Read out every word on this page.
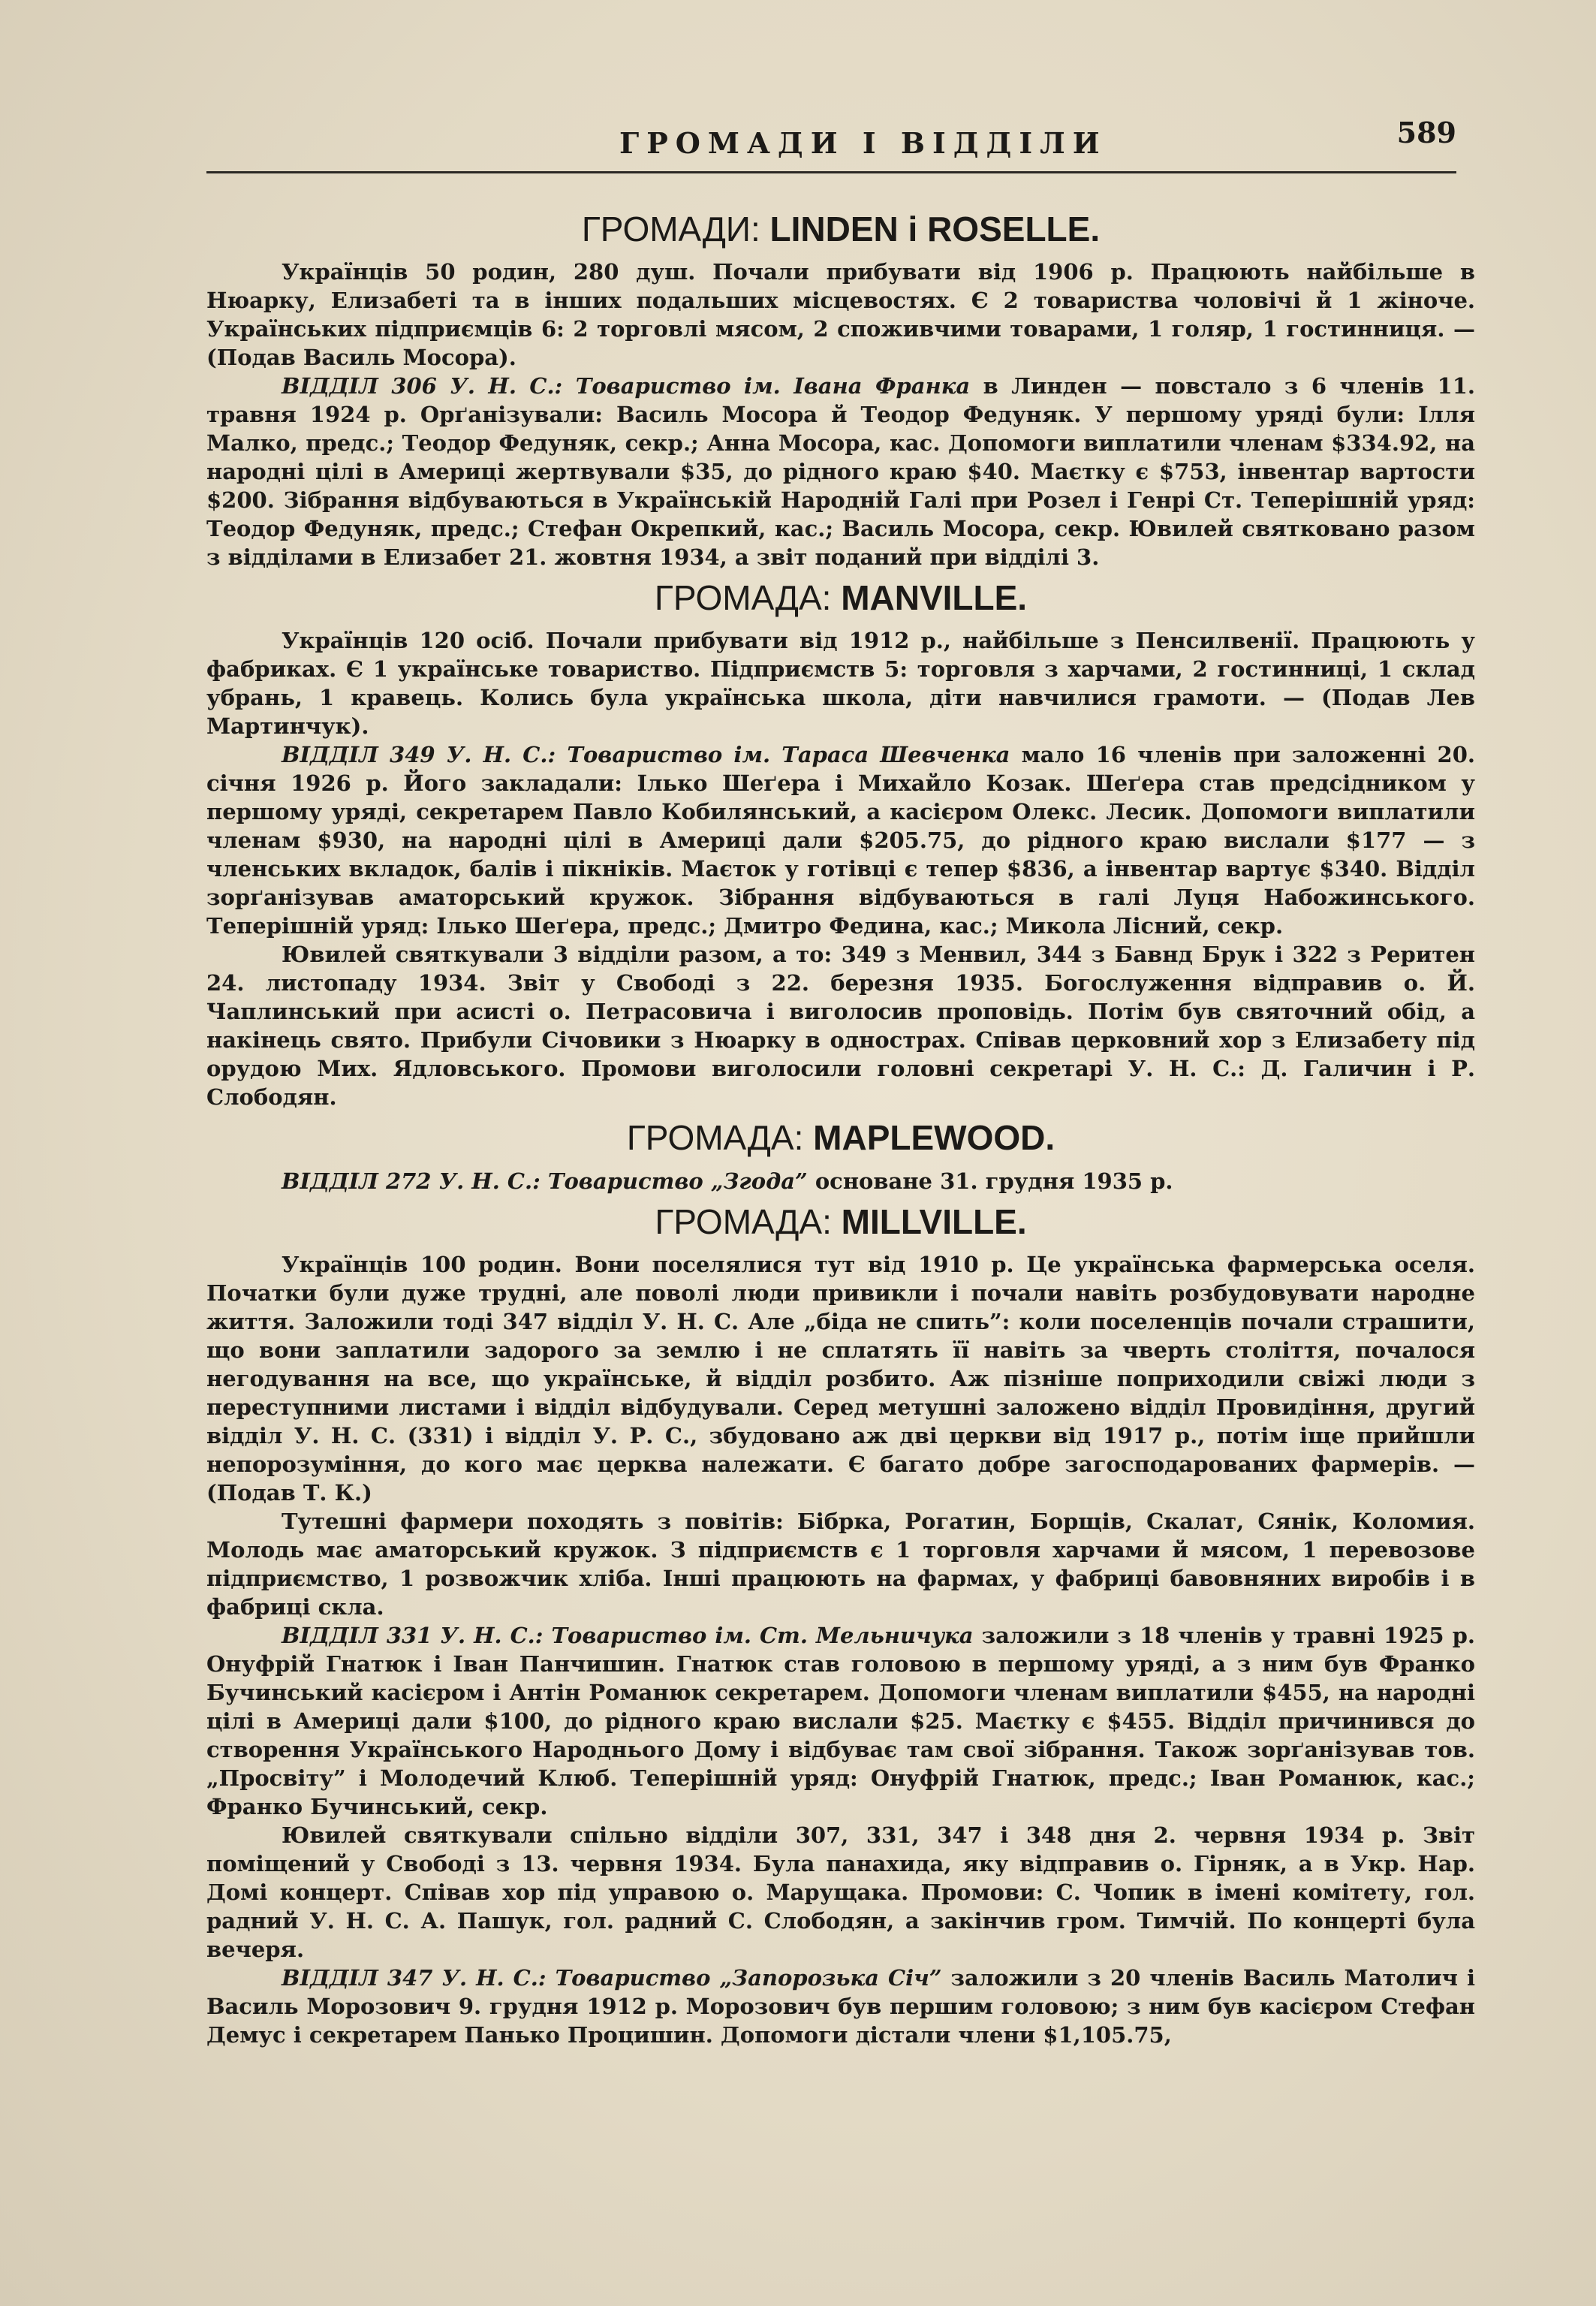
ГРОМАДИ І ВІДДІЛИ	589
ГРОМАДИ: LINDEN і ROSELLE.

Українців 50 родин, 280 душ. Почали прибувати від 1906 р. Працюють найбільше в Нюарку, Елизабеті та в інших подальших місцевостях. Є 2 товариства чоловічі й 1 жіноче. Українських підприємців 6: 2 торговлі мясом, 2 споживчими товарами, 1 голяр, 1 гостинниця. — (Подав Василь Мосора).

ВІДДІЛ 306 У. Н. С.: Товариство ім. Івана Франка в Линден — повстало з 6 членів 11. травня 1924 р. Орґанізували: Василь Мосора й Теодор Федуняк. У першому уряді були: Ілля Малко, предс.; Теодор Федуняк, секр.; Анна Мосора, кас. Допомоги виплатили членам $334.92, на народні цілі в Америці жертвували $35, до рідного краю $40. Маєтку є $753, інвентар вартости $200. Зібрання відбуваються в Українській Народній Галі при Розел і Генрі Ст. Теперішній уряд: Теодор Федуняк, предс.; Стефан Окрепкий, кас.; Василь Мосора, секр. Ювилей святковано разом з відділами в Елизабет 21. жовтня 1934, а звіт поданий при відділі 3.

ГРОМАДА: MANVILLE.

Українців 120 осіб. Почали прибувати від 1912 р., найбільше з Пенсилвенії. Працюють у фабриках. Є 1 українське товариство. Підприємств 5: торговля з харчами, 2 гостинниці, 1 склад убрань, 1 кравець. Колись була українська школа, діти навчилися грамоти. — (Подав Лев Мартинчук).

ВІДДІЛ 349 У. Н. С.: Товариство ім. Тараса Шевченка мало 16 членів при заложенні 20. січня 1926 р. Його закладали: Ілько Шеґера і Михайло Козак. Шеґера став предсідником у першому уряді, секретарем Павло Кобилянський, а касієром Олекс. Лесик. Допомоги виплатили членам $930, на народні цілі в Америці дали $205.75, до рідного краю вислали $177 — з членських вкладок, балів і пікніків. Маєток у готівці є тепер $836, а інвентар вартує $340. Відділ зорґанізував аматорський кружок. Зібрання відбуваються в галі Луця Набожинського. Теперішній уряд: Ілько Шеґера, предс.; Дмитро Федина, кас.; Микола Лісний, секр.

Ювилей святкували 3 відділи разом, а то: 349 з Менвил, 344 з Бавнд Брук і 322 з Реритен 24. листопаду 1934. Звіт у Свободі з 22. березня 1935. Богослуження відправив о. Й. Чаплинський при асисті о. Петрасовича і виголосив проповідь. Потім був святочний обід, а накінець свято. Прибули Січовики з Нюарку в однострах. Співав церковний хор з Елизабету під орудою Мих. Ядловського. Промови виголосили головні секретарі У. Н. С.: Д. Галичин і Р. Слободян.

ГРОМАДА: MAPLEWOOD.

ВІДДІЛ 272 У. Н. С.: Товариство „Згода” основане 31. грудня 1935 р.

ГРОМАДА: MILLVILLE.

Українців 100 родин. Вони поселялися тут від 1910 р. Це українська фармерська оселя. Початки були дуже трудні, але поволі люди привикли і почали навіть розбудовувати народне життя. Заложили тоді 347 відділ У. Н. С. Але „біда не спить”: коли поселенців почали страшити, що вони заплатили задорого за землю і не сплатять її навіть за чверть століття, почалося негодування на все, що українське, й відділ розбито. Аж пізніше поприходили свіжі люди з переступними листами і відділ відбудували. Серед метушні заложено відділ Провидіння, другий відділ У. Н. С. (331) і відділ У. Р. С., збудовано аж дві церкви від 1917 р., потім іще прийшли непорозуміння, до кого має церква належати. Є багато добре загосподарованих фармерів. — (Подав Т. К.)

Тутешні фармери походять з повітів: Бібрка, Рогатин, Борщів, Скалат, Сянік, Коломия. Молодь має аматорський кружок. З підприємств є 1 торговля харчами й мясом, 1 перевозове підприємство, 1 розвожчик хліба. Інші працюють на фармах, у фабриці бавовняних виробів і в фабриці скла.

ВІДДІЛ 331 У. Н. С.: Товариство ім. Ст. Мельничука заложили з 18 членів у травні 1925 р. Онуфрій Гнатюк і Іван Панчишин. Гнатюк став головою в першому уряді, а з ним був Франко Бучинський касієром і Антін Романюк секретарем. Допомоги членам виплатили $455, на народні цілі в Америці дали $100, до рідного краю вислали $25. Маєтку є $455. Відділ причинився до створення Українського Народнього Дому і відбуває там свої зібрання. Також зорґанізував тов. „Просвіту” і Молодечий Клюб. Теперішній уряд: Онуфрій Гнатюк, предс.; Іван Романюк, кас.; Франко Бучинський, секр.

Ювилей святкували спільно відділи 307, 331, 347 і 348 дня 2. червня 1934 р. Звіт поміщений у Свободі з 13. червня 1934. Була панахида, яку відправив о. Гірняк, а в Укр. Нар. Домі концерт. Співав хор під управою о. Марущака. Промови: С. Чопик в імені комітету, гол. радний У. Н. С. А. Пашук, гол. радний С. Слободян, а закінчив гром. Тимчій. По концерті була вечеря.

ВІДДІЛ 347 У. Н. С.: Товариство „Запорозька Січ” заложили з 20 членів Василь Матолич і Василь Морозович 9. грудня 1912 р. Морозович був першим головою; з ним був касієром Стефан Демус і секретарем Панько Процишин. Допомоги дістали члени $1,105.75,
